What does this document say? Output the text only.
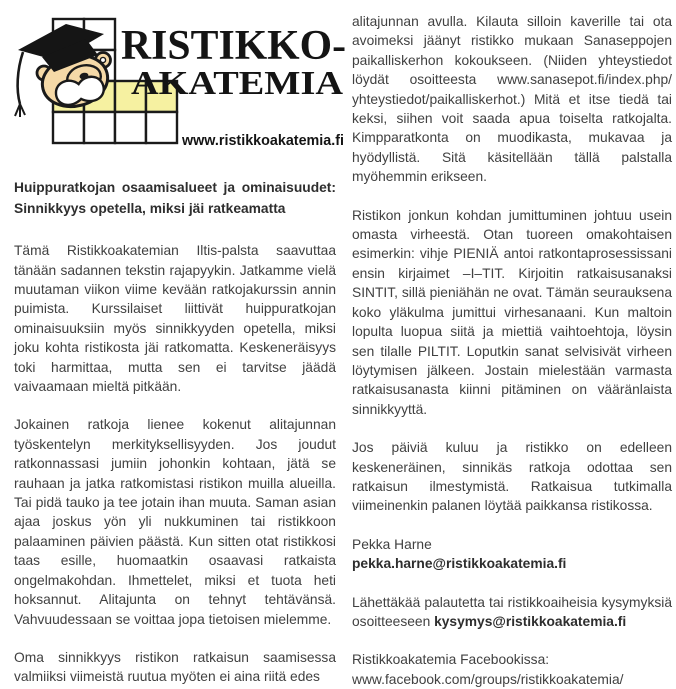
RISTIKKO-
AKATEMIA
www.ristikkoakatemia.fi
Huippuratkojan osaamisalueet ja ominaisuudet:
Sinnikkyys opetella, miksi jäi ratkeamatta

Tämä Ristikkoakatemian Iltis-palsta saavuttaa tänään sadannen tekstin rajapyykin. Jatkamme vielä muutaman viikon viime kevään ratkojakurssin annin puimista. Kurssilaiset liittivät huippuratkojan ominaisuuksiin myös sinnikkyyden opetella, miksi joku kohta ristikosta jäi ratkomatta. Keskeneräisyys toki harmittaa, mutta sen ei tarvitse jäädä vaivaamaan mieltä pitkään.

Jokainen ratkoja lienee kokenut alitajunnan työskentelyn merkityksellisyyden. Jos joudut ratkonnassasi jumiin johonkin kohtaan, jätä se rauhaan ja jatka ratkomistasi ristikon muilla alueilla. Tai pidä tauko ja tee jotain ihan muuta. Saman asian ajaa joskus yön yli nukkuminen tai ristikkoon palaaminen päivien päästä. Kun sitten otat ristikkosi taas esille, huomaatkin osaavasi ratkaista ongelmakohdan. Ihmettelet, miksi et tuota heti hoksannut. Alitajunta on tehnyt tehtävänsä. Vahvuudessaan se voittaa jopa tietoisen mielemme.

Oma sinnikkyys ristikon ratkaisun saamisessa valmiiksi viimeistä ruutua myöten ei aina riitä edes

alitajunnan avulla. Kilauta silloin kaverille tai ota avoimeksi jäänyt ristikko mukaan Sanaseppojen paikalliskerhon kokoukseen. (Niiden yhteystiedot löydät osoitteesta www.sanasepot.fi/index.php/ yhteystiedot/paikalliskerhot.) Mitä et itse tiedä tai keksi, siihen voit saada apua toiselta ratkojalta. Kimpparatkonta on muodikasta, mukavaa ja hyödyllistä. Sitä käsitellään tällä palstalla myöhemmin erikseen.

Ristikon jonkun kohdan jumittuminen johtuu usein omasta virheestä. Otan tuoreen omakohtaisen esimerkin: vihje PIENIÄ antoi ratkontaprosessissani ensin kirjaimet –I–TIT. Kirjoitin ratkaisusanaksi SINTIT, sillä pieniähän ne ovat. Tämän seurauksena koko yläkulma jumittui virhesanaani. Kun maltoin lopulta luopua siitä ja miettiä vaihtoehtoja, löysin sen tilalle PILTIT. Loputkin sanat selvisivät virheen löytymisen jälkeen. Jostain mielestään varmasta ratkaisusanasta kiinni pitäminen on vääränlaista sinnikkyyttä.

Jos päiviä kuluu ja ristikko on edelleen keskeneräinen, sinnikäs ratkoja odottaa sen ratkaisun ilmestymistä. Ratkaisua tutkimalla viimeinenkin palanen löytää paikkansa ristikossa.

Pekka Harne
pekka.harne@ristikkoakatemia.fi

Lähettäkää palautetta tai ristikkoaiheisia kysymyksiä osoitteeseen kysymys@ristikkoakatemia.fi

Ristikkoakatemia Facebookissa:
www.facebook.com/groups/ristikkoakatemia/
